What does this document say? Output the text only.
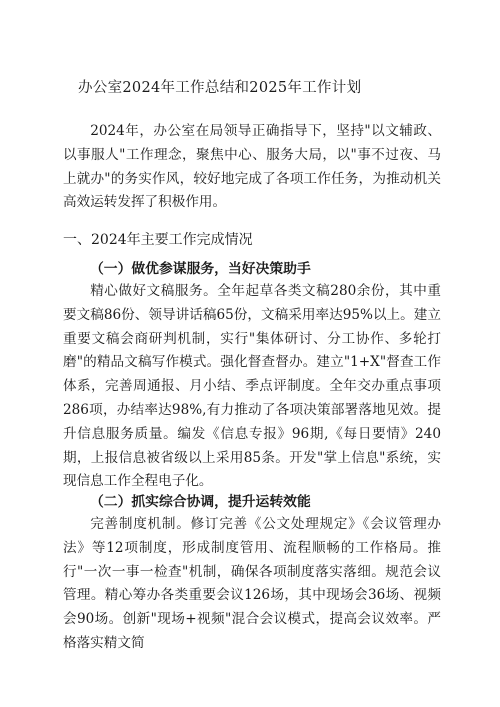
办公室2024年工作总结和2025年工作计划

2024年，办公室在局领导正确指导下，坚持"以文辅政、以事服人"工作理念，聚焦中心、服务大局，以"事不过夜、马上就办"的务实作风，较好地完成了各项工作任务，为推动机关高效运转发挥了积极作用。

一、2024年主要工作完成情况
（一）做优参谋服务，当好决策助手

精心做好文稿服务。全年起草各类文稿280余份，其中重要文稿86份、领导讲话稿65份，文稿采用率达95%以上。建立重要文稿会商研判机制，实行"集体研讨、分工协作、多轮打磨"的精品文稿写作模式。强化督查督办。建立"1+X"督查工作体系，完善周通报、月小结、季点评制度。全年交办重点事项286项，办结率达98%,有力推动了各项决策部署落地见效。提升信息服务质量。编发《信息专报》96期,《每日要情》240期，上报信息被省级以上采用85条。开发"掌上信息"系统，实现信息工作全程电子化。

（二）抓实综合协调，提升运转效能

完善制度机制。修订完善《公文处理规定》《会议管理办法》等12项制度，形成制度管用、流程顺畅的工作格局。推行"一次一事一检查"机制，确保各项制度落实落细。规范会议管理。精心筹办各类重要会议126场，其中现场会36场、视频会90场。创新"现场+视频"混合会议模式，提高会议效率。严格落实精文简
